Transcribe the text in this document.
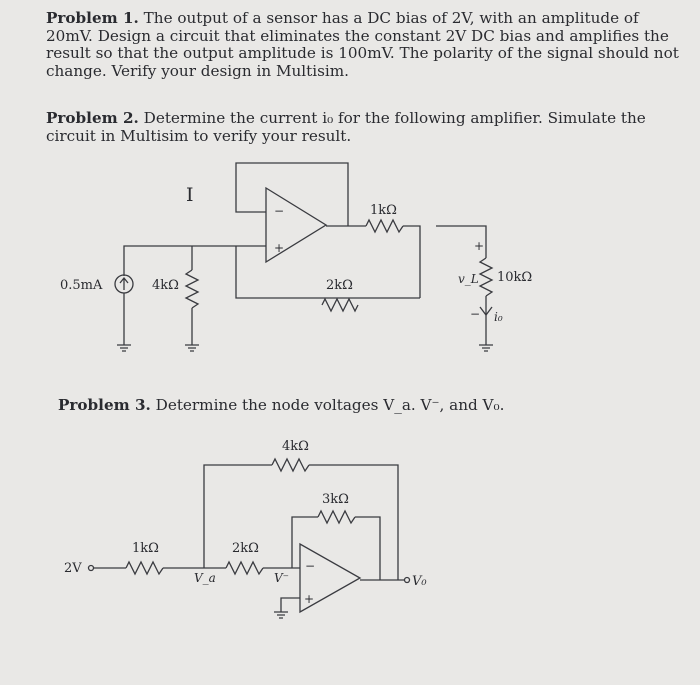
Problem 1. The output of a sensor has a DC bias of 2V, with an amplitude of 20mV. Design a circuit that eliminates the constant 2V DC bias and amplifies the result so that the output amplitude is 100mV. The polarity of the signal should not change. Verify your design in Multisim.

Problem 2. Determine the current i₀ for the following amplifier. Simulate the circuit in Multisim to verify your result.

Problem 3. Determine the node voltages V_a. V⁻, and V₀.

I
−
+
1kΩ
0.5mA	4kΩ	2kΩ
+
10kΩ
v_L
− i₀
4kΩ
3kΩ
2V
1kΩ
V_a
2kΩ
V⁻
−
+
V₀
